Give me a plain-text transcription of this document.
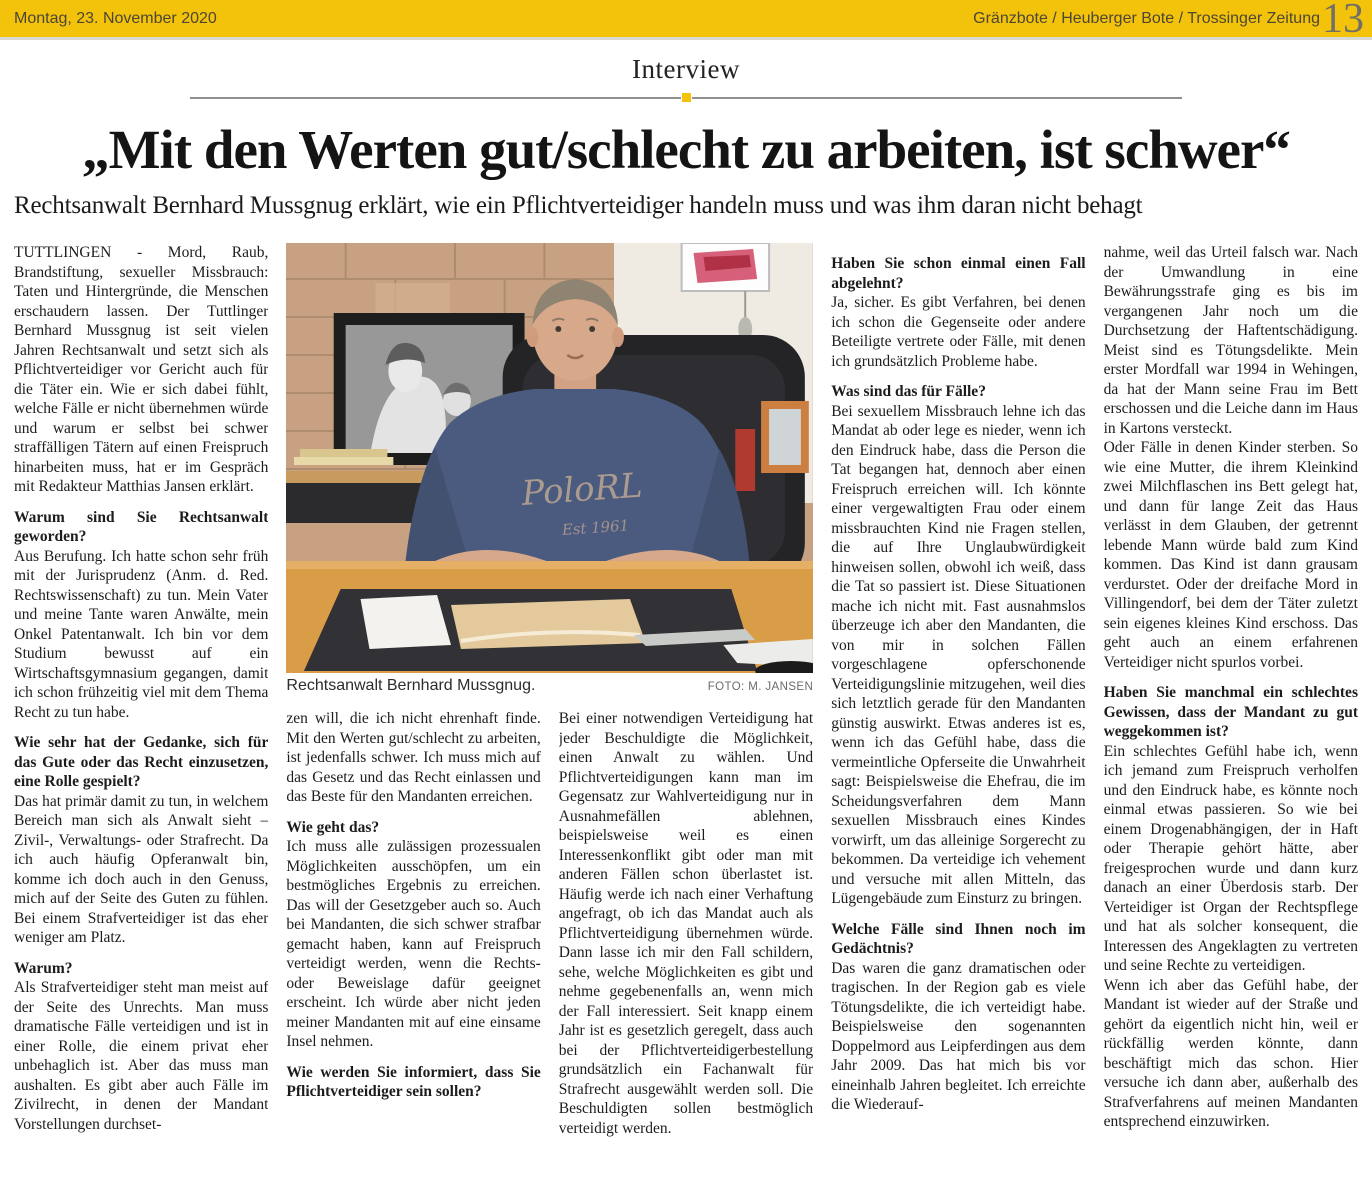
Montag, 23. November 2020	Gränzbote / Heuberger Bote / Trossinger Zeitung 13
Interview
„Mit den Werten gut/schlecht zu arbeiten, ist schwer“
Rechtsanwalt Bernhard Mussgnug erklärt, wie ein Pflichtverteidiger handeln muss und was ihm daran nicht behagt

TUTTLINGEN - Mord, Raub, Brandstiftung, sexueller Missbrauch: Taten und Hintergründe, die Menschen erschaudern lassen. Der Tuttlinger Bernhard Mussgnug ist seit vielen Jahren Rechtsanwalt und setzt sich als Pflichtverteidiger vor Gericht auch für die Täter ein. Wie er sich dabei fühlt, welche Fälle er nicht übernehmen würde und warum er selbst bei schwer straffälligen Tätern auf einen Freispruch hinarbeiten muss, hat er im Gespräch mit Redakteur Matthias Jansen erklärt.

Warum sind Sie Rechtsanwalt geworden?

Aus Berufung. Ich hatte schon sehr früh mit der Jurisprudenz (Anm. d. Red. Rechtswissenschaft) zu tun. Mein Vater und meine Tante waren Anwälte, mein Onkel Patentanwalt. Ich bin vor dem Studium bewusst auf ein Wirtschaftsgymnasium gegangen, damit ich schon frühzeitig viel mit dem Thema Recht zu tun habe.

Wie sehr hat der Gedanke, sich für das Gute oder das Recht einzusetzen, eine Rolle gespielt?

Das hat primär damit zu tun, in welchem Bereich man sich als Anwalt sieht – Zivil-, Verwaltungs- oder Strafrecht. Da ich auch häufig Opferanwalt bin, komme ich doch auch in den Genuss, mich auf der Seite des Guten zu fühlen. Bei einem Strafverteidiger ist das eher weniger am Platz.

Warum?

Als Strafverteidiger steht man meist auf der Seite des Unrechts. Man muss dramatische Fälle verteidigen und ist in einer Rolle, die einem privat eher unbehaglich ist. Aber das muss man aushalten. Es gibt aber auch Fälle im Zivilrecht, in denen der Mandant Vorstellungen durchset-

PoloRL
Est 1961
Rechtsanwalt Bernhard Mussgnug.	FOTO: M. JANSEN

zen will, die ich nicht ehrenhaft finde. Mit den Werten gut/schlecht zu arbeiten, ist jedenfalls schwer. Ich muss mich auf das Gesetz und das Recht einlassen und das Beste für den Mandanten erreichen.

Wie geht das?

Ich muss alle zulässigen prozessualen Möglichkeiten ausschöpfen, um ein bestmögliches Ergebnis zu erreichen. Das will der Gesetzgeber auch so. Auch bei Mandanten, die sich schwer strafbar gemacht haben, kann auf Freispruch verteidigt werden, wenn die Rechts- oder Beweislage dafür geeignet erscheint. Ich würde aber nicht jeden meiner Mandanten mit auf eine einsame Insel nehmen.

Wie werden Sie informiert, dass Sie Pflichtverteidiger sein sollen?

Bei einer notwendigen Verteidigung hat jeder Beschuldigte die Möglichkeit, einen Anwalt zu wählen. Und Pflichtverteidigungen kann man im Gegensatz zur Wahlverteidigung nur in Ausnahmefällen ablehnen, beispielsweise weil es einen Interessenkonflikt gibt oder man mit anderen Fällen schon überlastet ist. Häufig werde ich nach einer Verhaftung angefragt, ob ich das Mandat auch als Pflichtverteidigung übernehmen würde. Dann lasse ich mir den Fall schildern, sehe, welche Möglichkeiten es gibt und nehme gegebenenfalls an, wenn mich der Fall interessiert. Seit knapp einem Jahr ist es gesetzlich geregelt, dass auch bei der Pflichtverteidigerbestellung grundsätzlich ein Fachanwalt für Strafrecht ausgewählt werden soll. Die Beschuldigten sollen bestmöglich verteidigt werden.

Haben Sie schon einmal einen Fall abgelehnt?

Ja, sicher. Es gibt Verfahren, bei denen ich schon die Gegenseite oder andere Beteiligte vertrete oder Fälle, mit denen ich grundsätzlich Probleme habe.

Was sind das für Fälle?

Bei sexuellem Missbrauch lehne ich das Mandat ab oder lege es nieder, wenn ich den Eindruck habe, dass die Person die Tat begangen hat, dennoch aber einen Freispruch erreichen will. Ich könnte einer vergewaltigten Frau oder einem missbrauchten Kind nie Fragen stellen, die auf Ihre Unglaubwürdigkeit hinweisen sollen, obwohl ich weiß, dass die Tat so passiert ist. Diese Situationen mache ich nicht mit. Fast ausnahmslos überzeuge ich aber den Mandanten, die von mir in solchen Fällen vorgeschlagene opferschonende Verteidigungslinie mitzugehen, weil dies sich letztlich gerade für den Mandanten günstig auswirkt. Etwas anderes ist es, wenn ich das Gefühl habe, dass die vermeintliche Opferseite die Unwahrheit sagt: Beispielsweise die Ehefrau, die im Scheidungsverfahren dem Mann sexuellen Missbrauch eines Kindes vorwirft, um das alleinige Sorgerecht zu bekommen. Da verteidige ich vehement und versuche mit allen Mitteln, das Lügengebäude zum Einsturz zu bringen.

Welche Fälle sind Ihnen noch im Gedächtnis?

Das waren die ganz dramatischen oder tragischen. In der Region gab es viele Tötungsdelikte, die ich verteidigt habe. Beispielsweise den sogenannten Doppelmord aus Leipferdingen aus dem Jahr 2009. Das hat mich bis vor eineinhalb Jahren begleitet. Ich erreichte die Wiederauf-

nahme, weil das Urteil falsch war. Nach der Umwandlung in eine Bewährungsstrafe ging es bis im vergangenen Jahr noch um die Durchsetzung der Haftentschädigung. Meist sind es Tötungsdelikte. Mein erster Mordfall war 1994 in Wehingen, da hat der Mann seine Frau im Bett erschossen und die Leiche dann im Haus in Kartons versteckt.

Oder Fälle in denen Kinder sterben. So wie eine Mutter, die ihrem Kleinkind zwei Milchflaschen ins Bett gelegt hat, und dann für lange Zeit das Haus verlässt in dem Glauben, der getrennt lebende Mann würde bald zum Kind kommen. Das Kind ist dann grausam verdurstet. Oder der dreifache Mord in Villingendorf, bei dem der Täter zuletzt sein eigenes kleines Kind erschoss. Das geht auch an einem erfahrenen Verteidiger nicht spurlos vorbei.

Haben Sie manchmal ein schlechtes Gewissen, dass der Mandant zu gut weggekommen ist?

Ein schlechtes Gefühl habe ich, wenn ich jemand zum Freispruch verholfen und den Eindruck habe, es könnte noch einmal etwas passieren. So wie bei einem Drogenabhängigen, der in Haft oder Therapie gehört hätte, aber freigesprochen wurde und dann kurz danach an einer Überdosis starb. Der Verteidiger ist Organ der Rechtspflege und hat als solcher konsequent, die Interessen des Angeklagten zu vertreten und seine Rechte zu verteidigen.

Wenn ich aber das Gefühl habe, der Mandant ist wieder auf der Straße und gehört da eigentlich nicht hin, weil er rückfällig werden könnte, dann beschäftigt mich das schon. Hier versuche ich dann aber, außerhalb des Strafverfahrens auf meinen Mandanten entsprechend einzuwirken.
